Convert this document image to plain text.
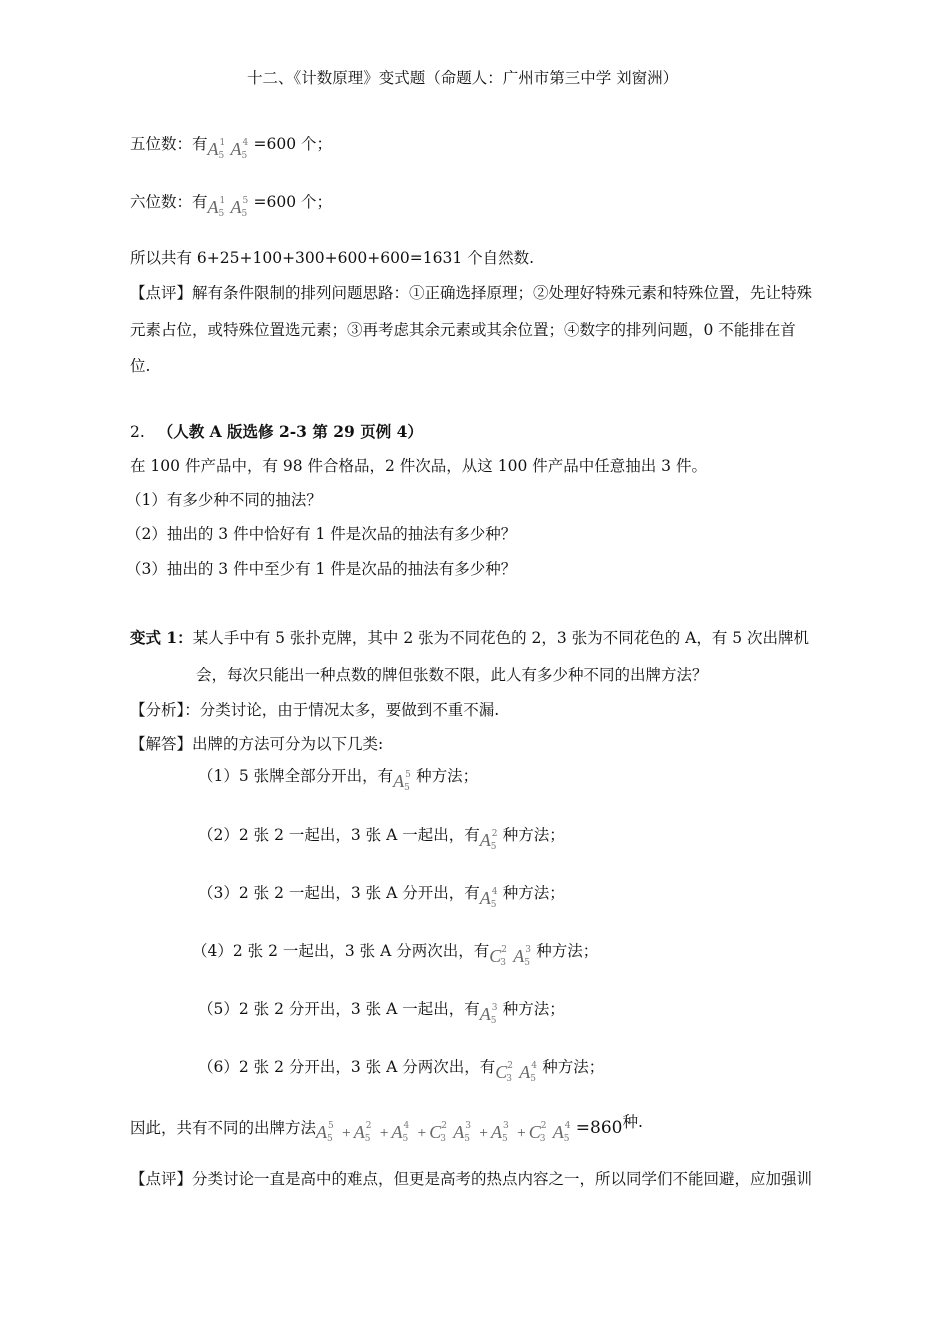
十二、《计数原理》变式题（命题人：广州市第三中学 刘窗洲）
五位数：有A 1
5 A 4
5
=600 个；
六位数：有A 1
5 A 5
5
=600 个；
所以共有 6+25+100+300+600+600=1631 个自然数.
【点评】解有条件限制的排列问题思路：①正确选择原理；②处理好特殊元素和特殊位置，先让特殊
元素占位，或特殊位置选元素；③再考虑其余元素或其余位置；④数字的排列问题，0 不能排在首
位.
2. （人教 A 版选修 2-3 第 29 页例 4）
在 100 件产品中，有 98 件合格品，2 件次品，从这 100 件产品中任意抽出 3 件。
（1）有多少种不同的抽法？
（2）抽出的 3 件中恰好有 1 件是次品的抽法有多少种？
（3）抽出的 3 件中至少有 1 件是次品的抽法有多少种？
变式 1：某人手中有 5 张扑克牌，其中 2 张为不同花色的 2，3 张为不同花色的 A，有 5 次出牌机
会，每次只能出一种点数的牌但张数不限，此人有多少种不同的出牌方法？
【分析】：分类讨论，由于情况太多，要做到不重不漏.
【解答】出牌的方法可分为以下几类:
（1）5 张牌全部分开出，有A 5
5
种方法；
（2）2 张 2 一起出，3 张 A 一起出，有A 2
5
种方法；
（3）2 张 2 一起出，3 张 A 分开出，有A 4
5
种方法；
（4）2 张 2 一起出，3 张 A 分两次出，有C 2
3 A 3
5
种方法；
（5）2 张 2 分开出，3 张 A 一起出，有A 3
5
种方法；
（6）2 张 2 分开出，3 张 A 分两次出，有C 2
3 A 4
5
种方法；
因此，共有不同的出牌方法A 5
5 + A 2
5 + A 4
5 + C 2
3 A 3
5 + A 3
5 + C 2
3 A 4
5
=860种.
【点评】分类讨论一直是高中的难点，但更是高考的热点内容之一，所以同学们不能回避，应加强训
